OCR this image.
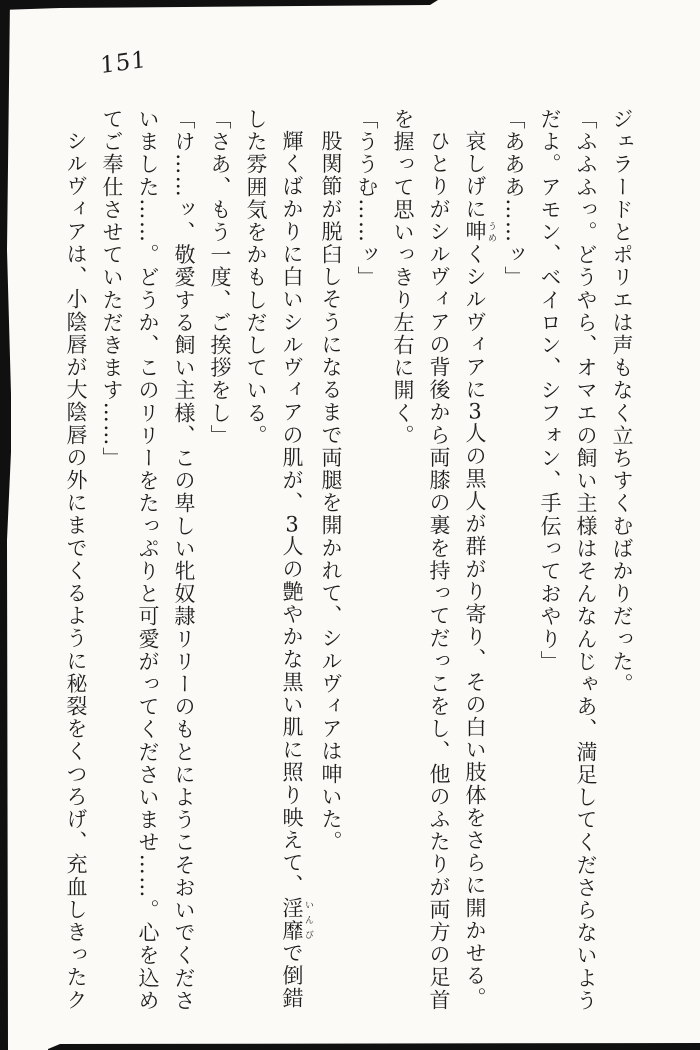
151
ジェラードとポリエは声もなく立ちすくむばかりだった。
「ふふふっ。どうやら、オマエの飼い主様はそんなんじゃあ、満足してくださらないよう
だよ。アモン、ベイロン、シフォン、手伝っておやり」
「あああ……ッ」
哀しげに呻 うめくシルヴィアに3人の黒人が群がり寄り、その白い肢体をさらに開かせる。
ひとりがシルヴィアの背後から両膝の裏を持ってだっこをし、他のふたりが両方の足首
を握って思いっきり左右に開く。
「ううむ……ッ」
股関節が脱臼しそうになるまで両腿を開かれて、シルヴィアは呻いた。
輝くばかりに白いシルヴィアの肌が、3人の艶やかな黒い肌に照り映えて、淫靡 いんびで倒錯
した雰囲気をかもしだしている。
「さあ、もう一度、ご挨拶をし」
「け……ッ、敬愛する飼い主様、この卑しい牝奴隷リリーのもとにようこそおいでくださ
いました……。どうか、このリリーをたっぷりと可愛がってくださいませ……。心を込め
てご奉仕させていただきます……」
シルヴィアは、小陰唇が大陰唇の外にまでくるように秘裂をくつろげ、充血しきったク
